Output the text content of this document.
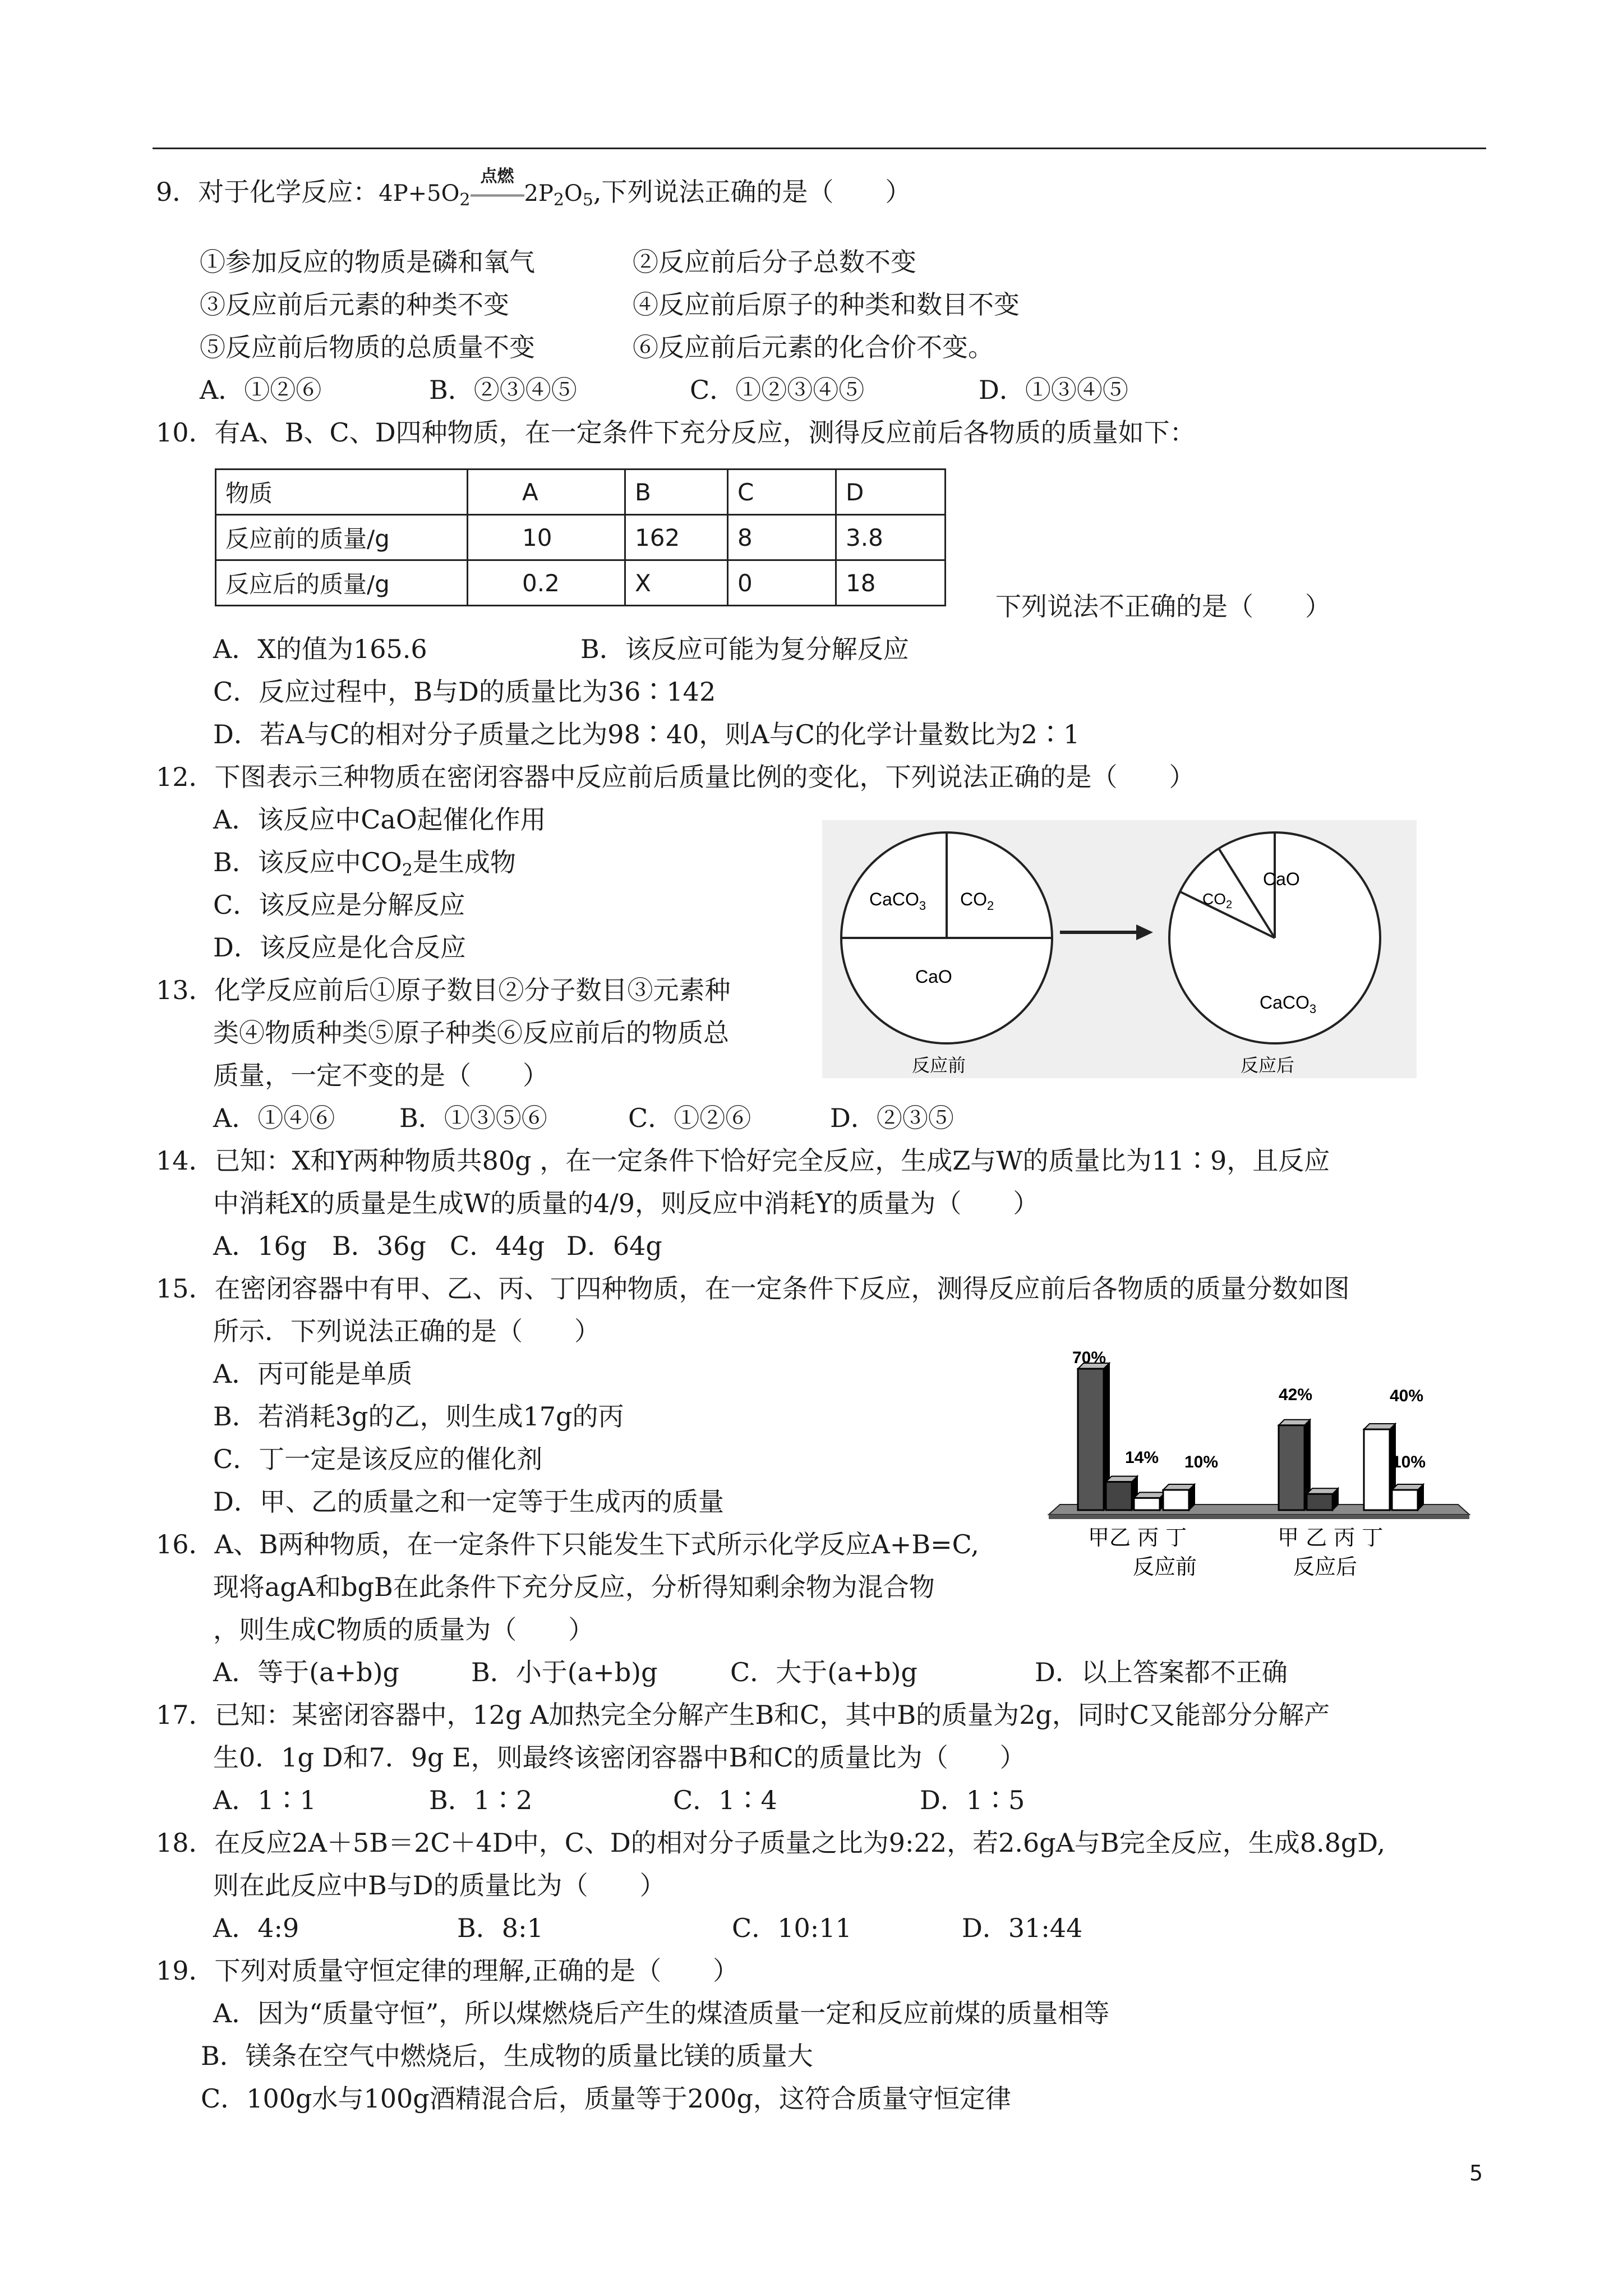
9．对于化学反应：$4P+5O_2$
点燃
$2P_2O_5$,下列说法正确的是（　　）
①参加反应的物质是磷和氧气	②反应前后分子总数不变
③反应前后元素的种类不变	④反应前后原子的种类和数目不变
⑤反应前后物质的总质量不变	⑥反应前后元素的化合价不变。
A．①②⑥	B．②③④⑤	C．①②③④⑤	D．①③④⑤
10．有A、B、C、D四种物质，在一定条件下充分反应，测得反应前后各物质的质量如下：
物质	A	B	C	D
反应前的质量/g	10	162	8	3.8
反应后的质量/g	0.2	X	0	18
下列说法不正确的是（　　）
A．X的值为165.6	B．该反应可能为复分解反应
C．反应过程中，B与D的质量比为36∶142
D．若A与C的相对分子质量之比为98∶40，则A与C的化学计量数比为2∶1
12．下图表示三种物质在密闭容器中反应前后质量比例的变化，下列说法正确的是（　　）
A．该反应中CaO起催化作用
B．该反应中$CO_2$是生成物
C．该反应是分解反应
D．该反应是化合反应
CaCO$_3$ $CO_2$
CaO
$CO_2$
CaO
CaCO$_3$
反应前	反应后
13．化学反应前后①原子数目②分子数目③元素种
类④物质种类⑤原子种类⑥反应前后的物质总
质量，一定不变的是（　　）
A．①④⑥ B．①③⑤⑥	C．①②⑥	D．②③⑤
14．已知：X和Y两种物质共80g ，在一定条件下恰好完全反应，生成Z与W的质量比为11∶9，且反应
中消耗X的质量是生成W的质量的4/9，则反应中消耗Y的质量为（　　）
A．16g B．36g C．44g D．64g
15．在密闭容器中有甲、乙、丙、丁四种物质，在一定条件下反应，测得反应前后各物质的质量分数如图
所示．下列说法正确的是（　　）
A．丙可能是单质
B．若消耗3g的乙，则生成17g的丙
C．丁一定是该反应的催化剂
D．甲、乙的质量之和一定等于生成丙的质量
70%
14% 10%
42%	40%
10%
甲乙 丙 丁	甲 乙 丙 丁
反应前	反应后
16．A、B两种物质，在一定条件下只能发生下式所示化学反应A+B=C,
现将agA和bgB在此条件下充分反应，分析得知剩余物为混合物
，则生成C物质的质量为（　　）
A．等于(a+b)g	B．小于(a+b)g	C．大于(a+b)g	D．以上答案都不正确
17．已知：某密闭容器中，12g A加热完全分解产生B和C，其中B的质量为2g，同时C又能部分分解产
生0．1g D和7．9g E，则最终该密闭容器中B和C的质量比为（　　）
A．1∶1	B．1∶2	C．1∶4	D．1∶5
18．在反应2A＋5B＝2C＋4D中，C、D的相对分子质量之比为9:22，若2.6gA与B完全反应，生成8.8gD,
则在此反应中B与D的质量比为（　　）
A．4:9	B．8:1	C．10:11	D．31:44
19．下列对质量守恒定律的理解,正确的是（　　）
A．因为“质量守恒”，所以煤燃烧后产生的煤渣质量一定和反应前煤的质量相等
B．镁条在空气中燃烧后，生成物的质量比镁的质量大
C．100g水与100g酒精混合后，质量等于200g，这符合质量守恒定律
5
